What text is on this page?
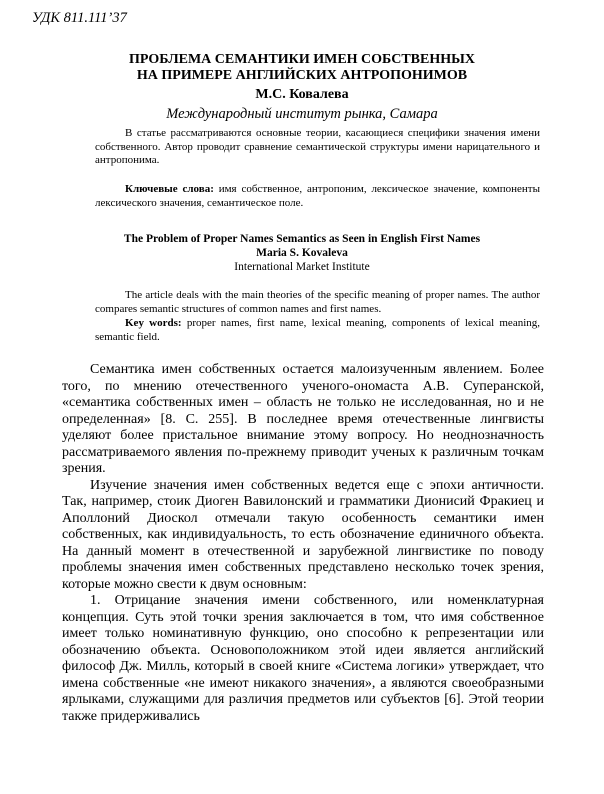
УДК 811.111’37

ПРОБЛЕМА СЕМАНТИКИ ИМЕН СОБСТВЕННЫХ

НА ПРИМЕРЕ АНГЛИЙСКИХ АНТРОПОНИМОВ

М.С. Ковалева

Международный институт рынка, Самара

В статье рассматриваются основные теории, касающиеся специфики значения имени собственного. Автор проводит сравнение семантической структуры имени нарицательного и антропонима.

Ключевые слова: имя собственное, антропоним, лексическое значение, компоненты лексического значения, семантическое поле.

The Problem of Proper Names Semantics as Seen in English First Names

Maria S. Kovaleva

International Market Institute

The article deals with the main theories of the specific meaning of proper names. The author compares semantic structures of common names and first names.

Key words: proper names, first name, lexical meaning, components of lexical meaning, semantic field.

Семантика имен собственных остается малоизученным явлением. Более того, по мнению отечественного ученого-ономаста А.В. Суперанской, «семантика собственных имен – область не только не исследованная, но и не определенная» [8. С. 255]. В последнее время отечественные лингвисты уделяют более пристальное внимание этому вопросу. Но неоднозначность рассматриваемого явления по-прежнему приводит ученых к различным точкам зрения.

Изучение значения имен собственных ведется еще с эпохи античности. Так, например, стоик Диоген Вавилонский и грамматики Дионисий Фракиец и Аполлоний Диоскол отмечали такую особенность семантики имен собственных, как индивидуальность, то есть обозначение единичного объекта. На данный момент в отечественной и зарубежной лингвистике по поводу проблемы значения имен собственных представлено несколько точек зрения, которые можно свести к двум основным:

1. Отрицание значения имени собственного, или номенклатурная концепция. Суть этой точки зрения заключается в том, что имя собственное имеет только номинативную функцию, оно способно к репрезентации или обозначению объекта. Основоположником этой идеи является английский философ Дж. Милль, который в своей книге «Система логики» утверждает, что имена собственные «не имеют никакого значения», а являются своеобразными ярлыками, служащими для различия предметов или субъектов [6]. Этой теории также придерживались
